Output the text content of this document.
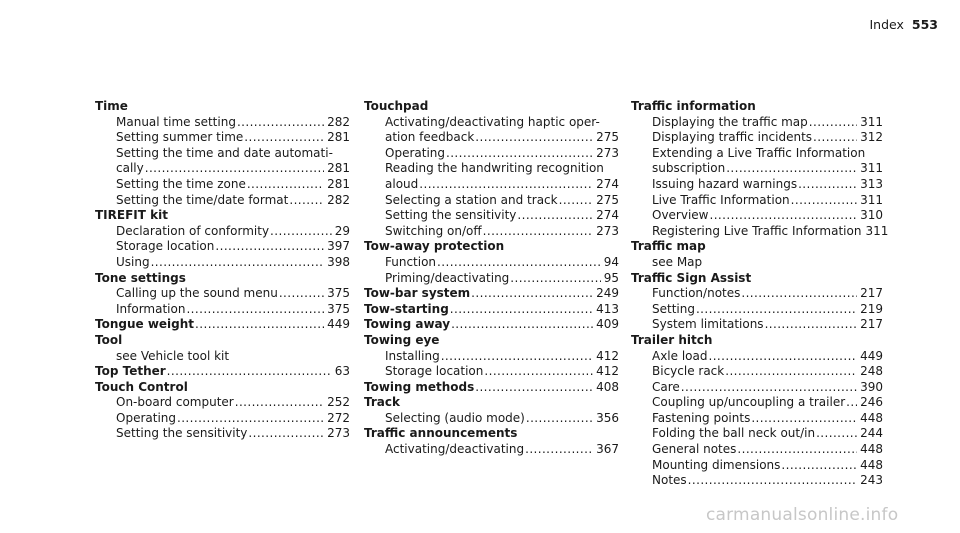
Index 553
Time
Manual time setting .....	282
Setting summer time .....	281
Setting the time and date automati-
cally .....	281
Setting the time zone .....	281
Setting the time/date format .....	282
TIREFIT kit
Declaration of conformity .....	29
Storage location .....	397
Using .....	398
Tone settings
Calling up the sound menu .....	375
Information .....	375
Tongue weight .....	449
Tool
see Vehicle tool kit
Top Tether .....	63
Touch Control
On-board computer .....	252
Operating .....	272
Setting the sensitivity .....	273
Touchpad
Activating/deactivating haptic oper-
ation feedback .....	275
Operating .....	273
Reading the handwriting recognition
aloud .....	274
Selecting a station and track .....	275
Setting the sensitivity .....	274
Switching on/off .....	273
Tow-away protection
Function .....	94
Priming/deactivating .....	95
Tow-bar system .....	249
Tow-starting .....	413
Towing away .....	409
Towing eye
Installing .....	412
Storage location .....	412
Towing methods .....	408
Track
Selecting (audio mode) .....	356
Traffic announcements
Activating/deactivating .....	367
Traffic information
Displaying the traffic map .....	311
Displaying traffic incidents .....	312
Extending a Live Traffic Information
subscription .....	311
Issuing hazard warnings .....	313
Live Traffic Information .....	311
Overview .....	310
Registering Live Traffic Information 311
Traffic map
see Map
Traffic Sign Assist
Function/notes .....	217
Setting .....	219
System limitations .....	217
Trailer hitch
Axle load .....	449
Bicycle rack .....	248
Care .....	390
Coupling up/uncoupling a trailer ..... 246
Fastening points .....	448
Folding the ball neck out/in .....	244
General notes .....	448
Mounting dimensions .....	448
Notes .....	243
carmanualsonline.info
